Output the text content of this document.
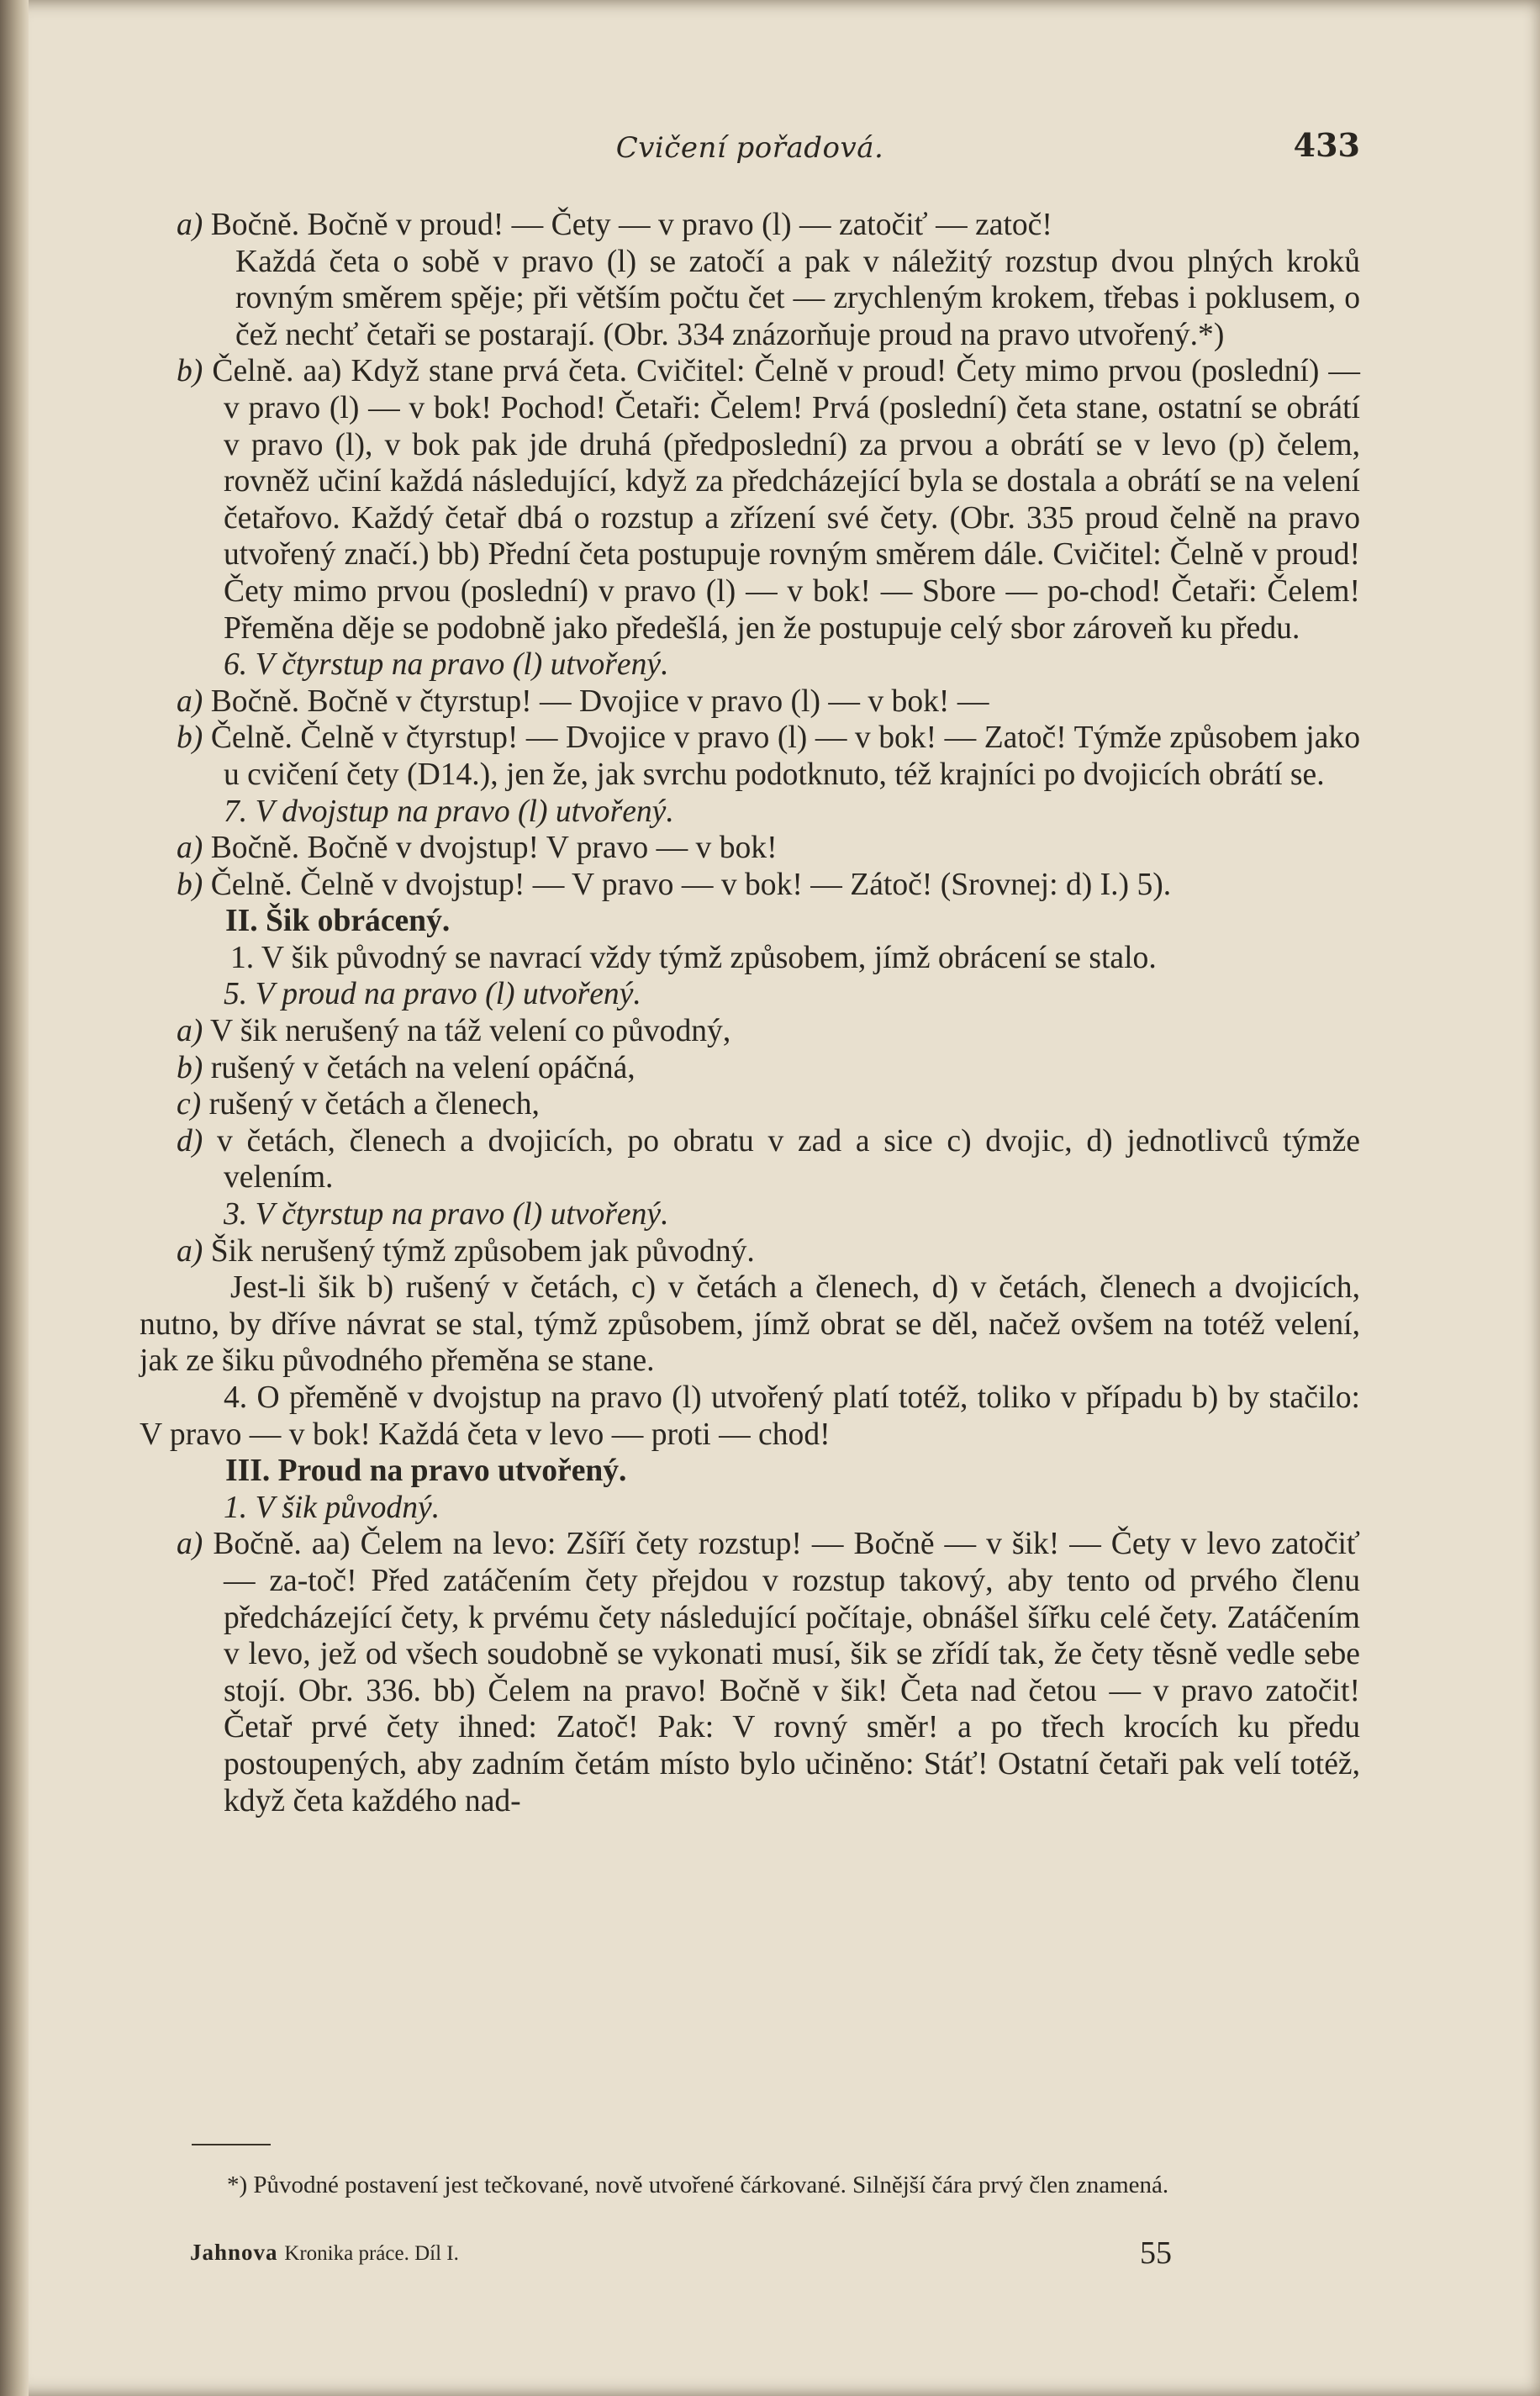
Cvičení pořadová.	433

a) Bočně. Bočně v proud! — Čety — v pravo (l) — zatočiť — zatoč!

Každá četa o sobě v pravo (l) se zatočí a pak v náležitý rozstup dvou plných kroků rovným směrem spěje; při větším počtu čet — zrychleným krokem, třebas i poklusem, o čež nechť četaři se postarají. (Obr. 334 znázorňuje proud na pravo utvořený.*)

b) Čelně. aa) Když stane prvá četa. Cvičitel: Čelně v proud! Čety mimo prvou (poslední) — v pravo (l) — v bok! Pochod! Četaři: Čelem! Prvá (poslední) četa stane, ostatní se obrátí v pravo (l), v bok pak jde druhá (předposlední) za prvou a obrátí se v levo (p) čelem, rovněž učiní každá následující, když za předcházející byla se dostala a obrátí se na velení četařovo. Každý četař dbá o rozstup a zřízení své čety. (Obr. 335 proud čelně na pravo utvořený značí.) bb) Přední četa postupuje rovným směrem dále. Cvičitel: Čelně v proud! Čety mimo prvou (poslední) v pravo (l) — v bok! — Sbore — po-chod! Četaři: Čelem! Přeměna děje se podobně jako předešlá, jen že postupuje celý sbor zároveň ku předu.

6. V čtyrstup na pravo (l) utvořený.

a) Bočně. Bočně v čtyrstup! — Dvojice v pravo (l) — v bok! —

b) Čelně. Čelně v čtyrstup! — Dvojice v pravo (l) — v bok! — Zatoč! Týmže způsobem jako u cvičení čety (D14.), jen že, jak svrchu podotknuto, též krajníci po dvojicích obrátí se.

7. V dvojstup na pravo (l) utvořený.

a) Bočně. Bočně v dvojstup! V pravo — v bok!

b) Čelně. Čelně v dvojstup! — V pravo — v bok! — Zátoč! (Srovnej: d) I.) 5).

II. Šik obrácený.

1. V šik původný se navrací vždy týmž způsobem, jímž obrácení se stalo.

5. V proud na pravo (l) utvořený.

a) V šik nerušený na táž velení co původný,

b) rušený v četách na velení opáčná,

c) rušený v četách a členech,

d) v četách, členech a dvojicích, po obratu v zad a sice c) dvojic, d) jednotlivců týmže velením.

3. V čtyrstup na pravo (l) utvořený.

a) Šik nerušený týmž způsobem jak původný.

Jest-li šik b) rušený v četách, c) v četách a členech, d) v četách, členech a dvojicích, nutno, by dříve návrat se stal, týmž způsobem, jímž obrat se děl, načež ovšem na totéž velení, jak ze šiku původného přeměna se stane.

4. O přeměně v dvojstup na pravo (l) utvořený platí totéž, toliko v případu b) by stačilo: V pravo — v bok! Každá četa v levo — proti — chod!

III. Proud na pravo utvořený.

1. V šik původný.

a) Bočně. aa) Čelem na levo: Zšíří čety rozstup! — Bočně — v šik! — Čety v levo zatočiť — za-toč! Před zatáčením čety přejdou v rozstup takový, aby tento od prvého členu předcházející čety, k prvému čety následující počítaje, obnášel šířku celé čety. Zatáčením v levo, jež od všech soudobně se vykonati musí, šik se zřídí tak, že čety těsně vedle sebe stojí. Obr. 336. bb) Čelem na pravo! Bočně v šik! Četa nad četou — v pravo zatočit! Četař prvé čety ihned: Zatoč! Pak: V rovný směr! a po třech krocích ku předu postoupených, aby zadním četám místo bylo učiněno: Stáť! Ostatní četaři pak velí totéž, když četa každého nad-

*) Původné postavení jest tečkované, nově utvořené čárkované. Silnější čára prvý člen znamená.

Jahnova Kronika práce. Díl I.	55
